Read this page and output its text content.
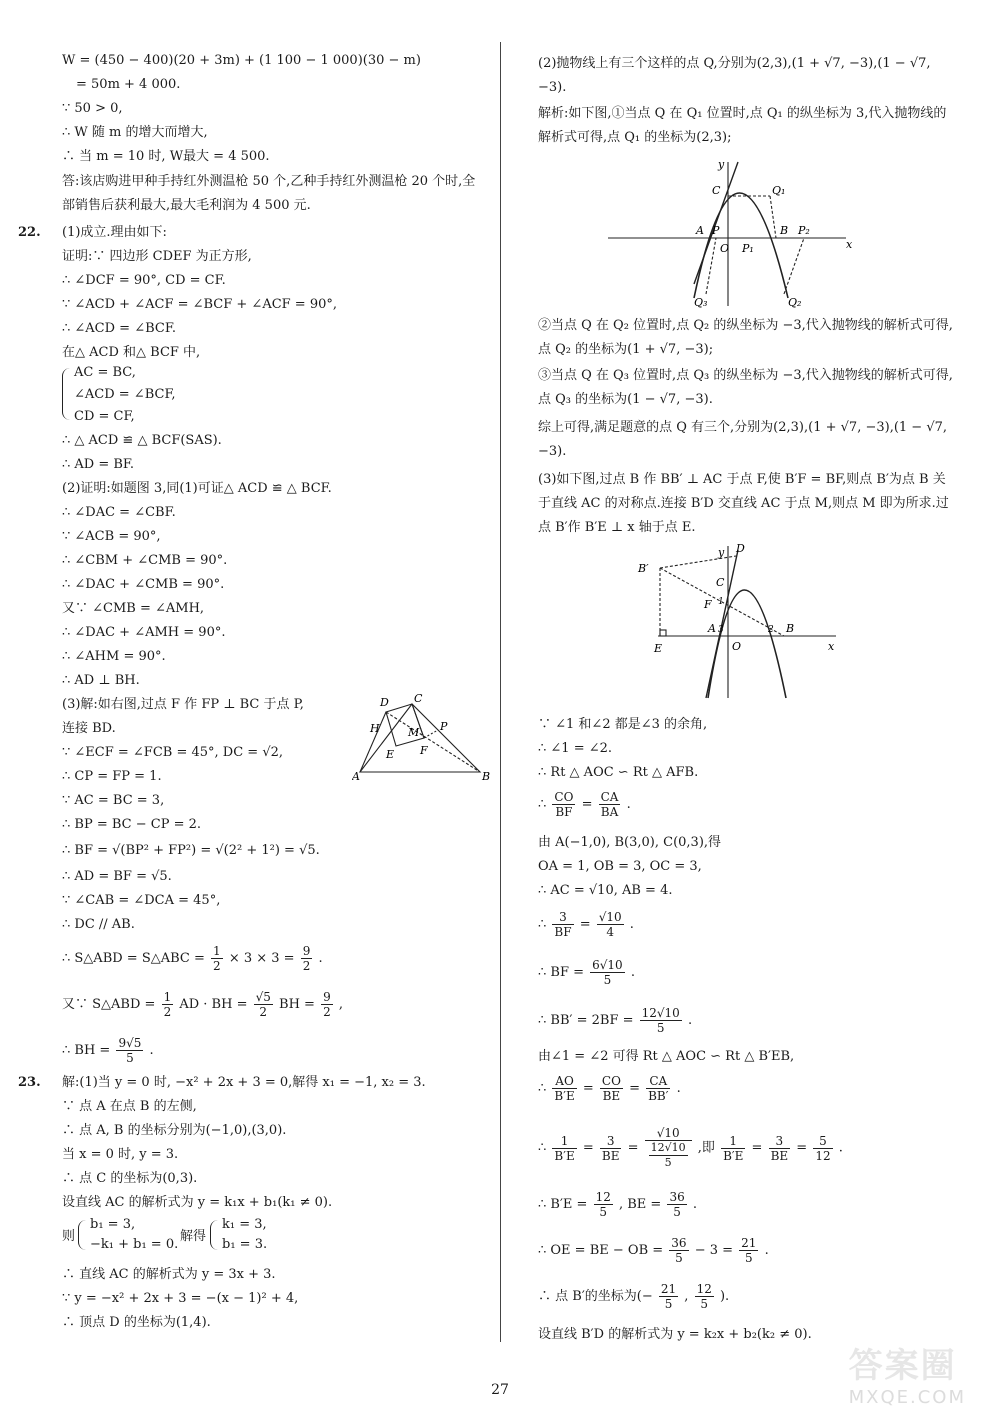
W = (450 − 400)(20 + 3m) + (1 100 − 1 000)(30 − m)
= 50m + 4 000.
∵ 50 > 0,
∴ W 随 m 的增大而增大,
∴ 当 m = 10 时, W最大 = 4 500.
答:该店购进甲种手持红外测温枪 50 个,乙种手持红外测温枪 20 个时,全部销售后获利最大,最大毛利润为 4 500 元.
22. (1)成立.理由如下:
证明:∵ 四边形 CDEF 为正方形,
∴ ∠DCF = 90°, CD = CF.
∵ ∠ACD + ∠ACF = ∠BCF + ∠ACF = 90°,
∴ ∠ACD = ∠BCF.
在△ ACD 和△ BCF 中,
AC = BC,
∠ACD = ∠BCF,
CD = CF,
∴ △ ACD ≌ △ BCF(SAS).
∴ AD = BF.
(2)证明:如题图 3,同(1)可证△ ACD ≌ △ BCF.
∴ ∠DAC = ∠CBF.
∵ ∠ACB = 90°,
∴ ∠CBM + ∠CMB = 90°.
∴ ∠DAC + ∠CMB = 90°.
又∵ ∠CMB = ∠AMH,
∴ ∠DAC + ∠AMH = 90°.
∴ ∠AHM = 90°.
∴ AD ⊥ BH.
(3)解:如右图,过点 F 作 FP ⊥ BC 于点 P,
连接 BD.
∵ ∠ECF = ∠FCB = 45°, DC = √2,
∴ CP = FP = 1.
∵ AC = BC = 3,
∴ BP = BC − CP = 2.
∴ BF = √(BP² + FP²) = √(2² + 1²) = √5.
∴ AD = BF = √5.
∵ ∠CAB = ∠DCA = 45°,
∴ DC // AB.
D C
H	M P
E F
A	B
∴ S△ABD = S△ABC = $\frac{1}{2} \times 3 \times 3 = \frac{9}{2}$ .
又∵ S△ABD = $\frac{1}{2}$ AD · BH = $\frac{√5}{2}$ BH = $\frac{9}{2}$ ,
∴ BH = $\frac{9√5}{5}$ .
23. 解:(1)当 y = 0 时, −x² + 2x + 3 = 0,解得 x₁ = −1, x₂ = 3.
∵ 点 A 在点 B 的左侧,
∴ 点 A, B 的坐标分别为(−1,0),(3,0).
当 x = 0 时, y = 3.
∴ 点 C 的坐标为(0,3).
设直线 AC 的解析式为 y = k₁x + b₁(k₁ ≠ 0).
则
b₁ = 3,
−k₁ + b₁ = 0.
解得
k₁ = 3,
b₁ = 3.
∴ 直线 AC 的解析式为 y = 3x + 3.
∵ y = −x² + 2x + 3 = −(x − 1)² + 4,
∴ 顶点 D 的坐标为(1,4).
(2)抛物线上有三个这样的点 Q,分别为(2,3),(1 + √7, −3),(1 − √7, −3).
解析:如下图,①当点 Q 在 Q₁ 位置时,点 Q₁ 的纵坐标为 3,代入抛物线的解析式可得,点 Q₁ 的坐标为(2,3);
y
C	Q₁
A P
O P₁
B P₂
x
Q₃	Q₂
②当点 Q 在 Q₂ 位置时,点 Q₂ 的纵坐标为 −3,代入抛物线的解析式可得,点 Q₂ 的坐标为(1 + √7, −3);
③当点 Q 在 Q₃ 位置时,点 Q₃ 的纵坐标为 −3,代入抛物线的解析式可得,点 Q₃ 的坐标为(1 − √7, −3).
综上可得,满足题意的点 Q 有三个,分别为(2,3),(1 + √7, −3),(1 − √7, −3).
(3)如下图,过点 B 作 BB′ ⊥ AC 于点 F,使 B′F = BF,则点 B′为点 B 关于直线 AC 的对称点.连接 B′D 交直线 AC 于点 M,则点 M 即为所求.过点 B′作 B′E ⊥ x 轴于点 E.
y D
B′
C
F
A 3
O
2 B
x
E
1
∵ ∠1 和∠2 都是∠3 的余角,
∴ ∠1 = ∠2.
∴ Rt △ AOC ∽ Rt △ AFB.
∴ $\frac{CO}{BF} = \frac{CA}{BA}$ .
由 A(−1,0), B(3,0), C(0,3),得
OA = 1, OB = 3, OC = 3,
∴ AC = √10, AB = 4.
∴ $\frac{3}{BF} = \frac{√10}{4}$ .
∴ BF = $\frac{6√10}{5}$ .
∴ $BB' = 2BF = \frac{12√10}{5}$ .
由∠1 = ∠2 可得 Rt △ AOC ∽ Rt △ B′EB,
∴ $\frac{AO}{B'E} = \frac{CO}{BE} = \frac{CA}{BB'}$ .
∴ $\frac{1}{B'E} = \frac{3}{BE} = \frac{√10}{\frac{12√10}{5}}$ ,即 $\frac{1}{B'E} = \frac{3}{BE} = \frac{5}{12}$ .
∴ $B'E = \frac{12}{5}$ , BE = $\frac{36}{5}$ .
∴ OE = BE − OB = $\frac{36}{5} - 3 = \frac{21}{5}$ .
∴ 点 B′的坐标为(− $\frac{21}{5}$ , $\frac{12}{5}$ ).
设直线 B′D 的解析式为 y = k₂x + b₂(k₂ ≠ 0).
27
答案圈
MXQE.COM
